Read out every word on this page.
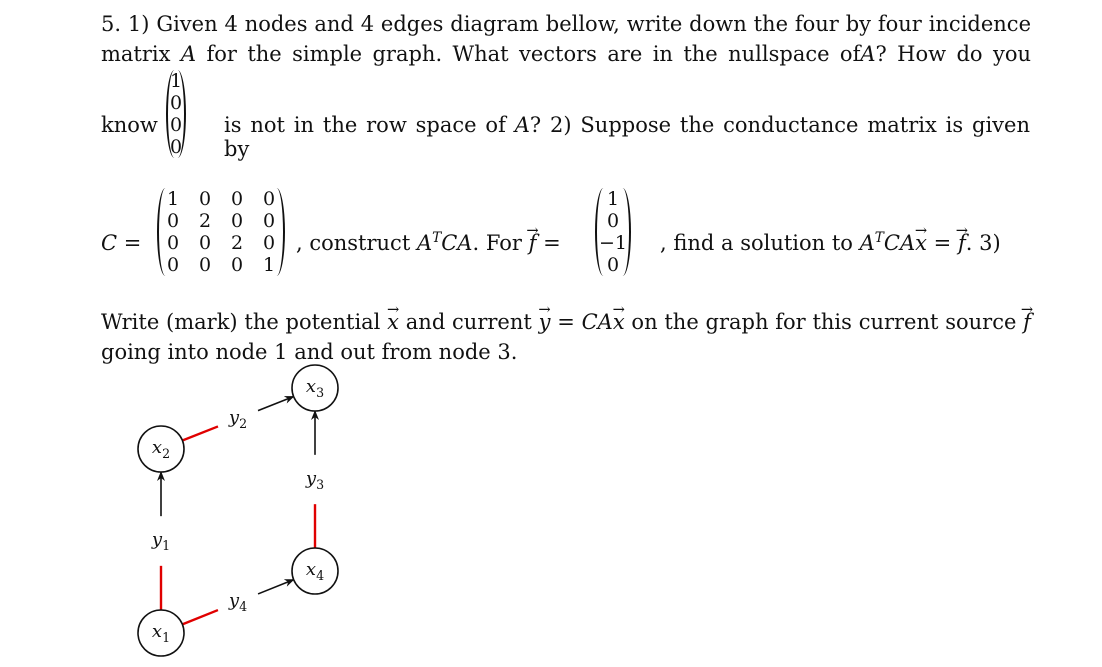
5. 1) Given 4 nodes and 4 edges diagram bellow, write down the four by four incidence
matrix A for the simple graph. What vectors are in the nullspace ofA? How do you
know
1
0
0
0
is not in the row space of A? 2) Suppose the conductance matrix is given by
C =
1	0	0	0
0	2	0	0
0	0	2	0
0	0	0	1
, construct $A^TCA$. For → f =
1
0
−1
0
, find a solution to $A^TCA\to x$ = → f. 3)
Write (mark) the potential → x and current → y = CA→ x on the graph for this current source → f
going into node 1 and out from node 3.
$y_1$
$y_2$
$y_3$
$y_4$
$x_1$
$x_2$
$x_3$
$x_4$
